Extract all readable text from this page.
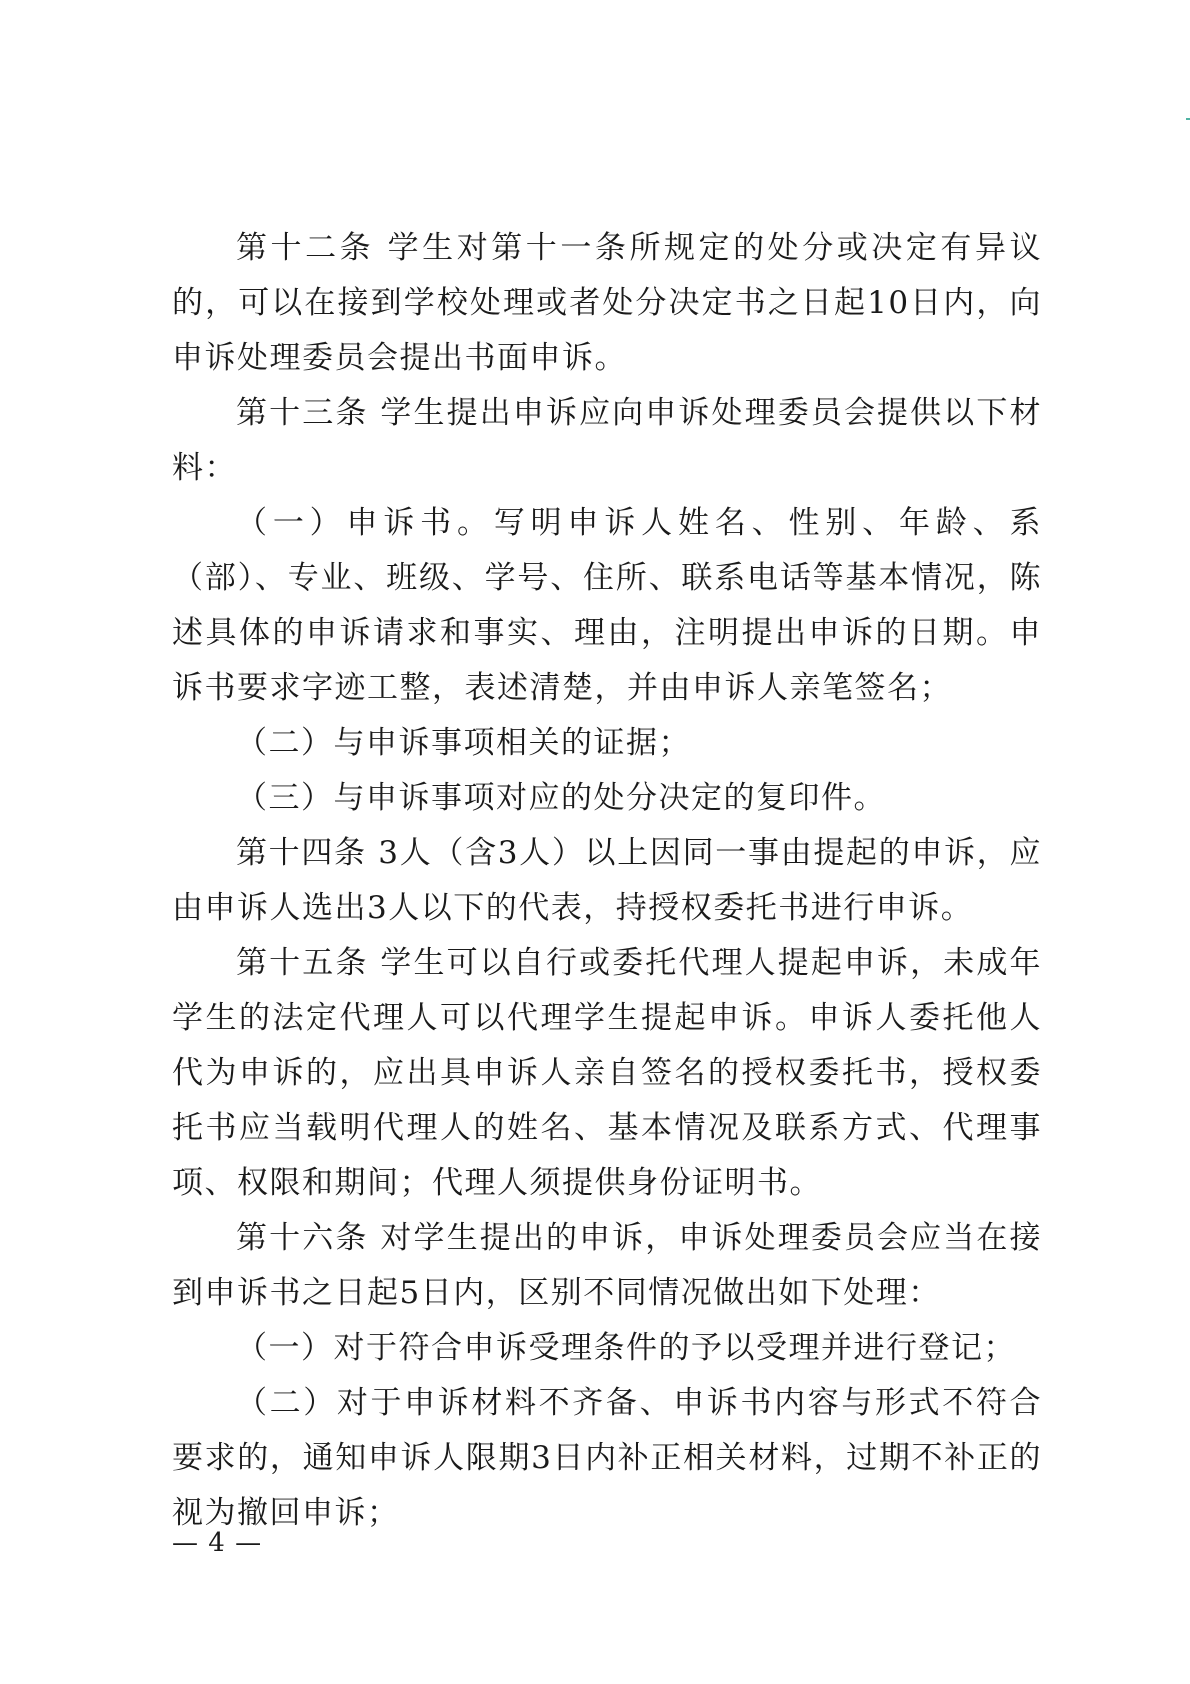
第十二条 学生对第十一条所规定的处分或决定有异议的，可以在接到学校处理或者处分决定书之日起10日内，向申诉处理委员会提出书面申诉。

第十三条 学生提出申诉应向申诉处理委员会提供以下材料：

（一）申诉书。写明申诉人姓名、性别、年龄、系（部）、专业、班级、学号、住所、联系电话等基本情况，陈述具体的申诉请求和事实、理由，注明提出申诉的日期。申诉书要求字迹工整，表述清楚，并由申诉人亲笔签名；

（二）与申诉事项相关的证据；

（三）与申诉事项对应的处分决定的复印件。

第十四条 3人（含3人）以上因同一事由提起的申诉，应由申诉人选出3人以下的代表，持授权委托书进行申诉。

第十五条 学生可以自行或委托代理人提起申诉，未成年学生的法定代理人可以代理学生提起申诉。申诉人委托他人代为申诉的，应出具申诉人亲自签名的授权委托书，授权委托书应当载明代理人的姓名、基本情况及联系方式、代理事项、权限和期间；代理人须提供身份证明书。

第十六条 对学生提出的申诉，申诉处理委员会应当在接到申诉书之日起5日内，区别不同情况做出如下处理：

（一）对于符合申诉受理条件的予以受理并进行登记；

（二）对于申诉材料不齐备、申诉书内容与形式不符合要求的，通知申诉人限期3日内补正相关材料，过期不补正的视为撤回申诉；

— 4 —
